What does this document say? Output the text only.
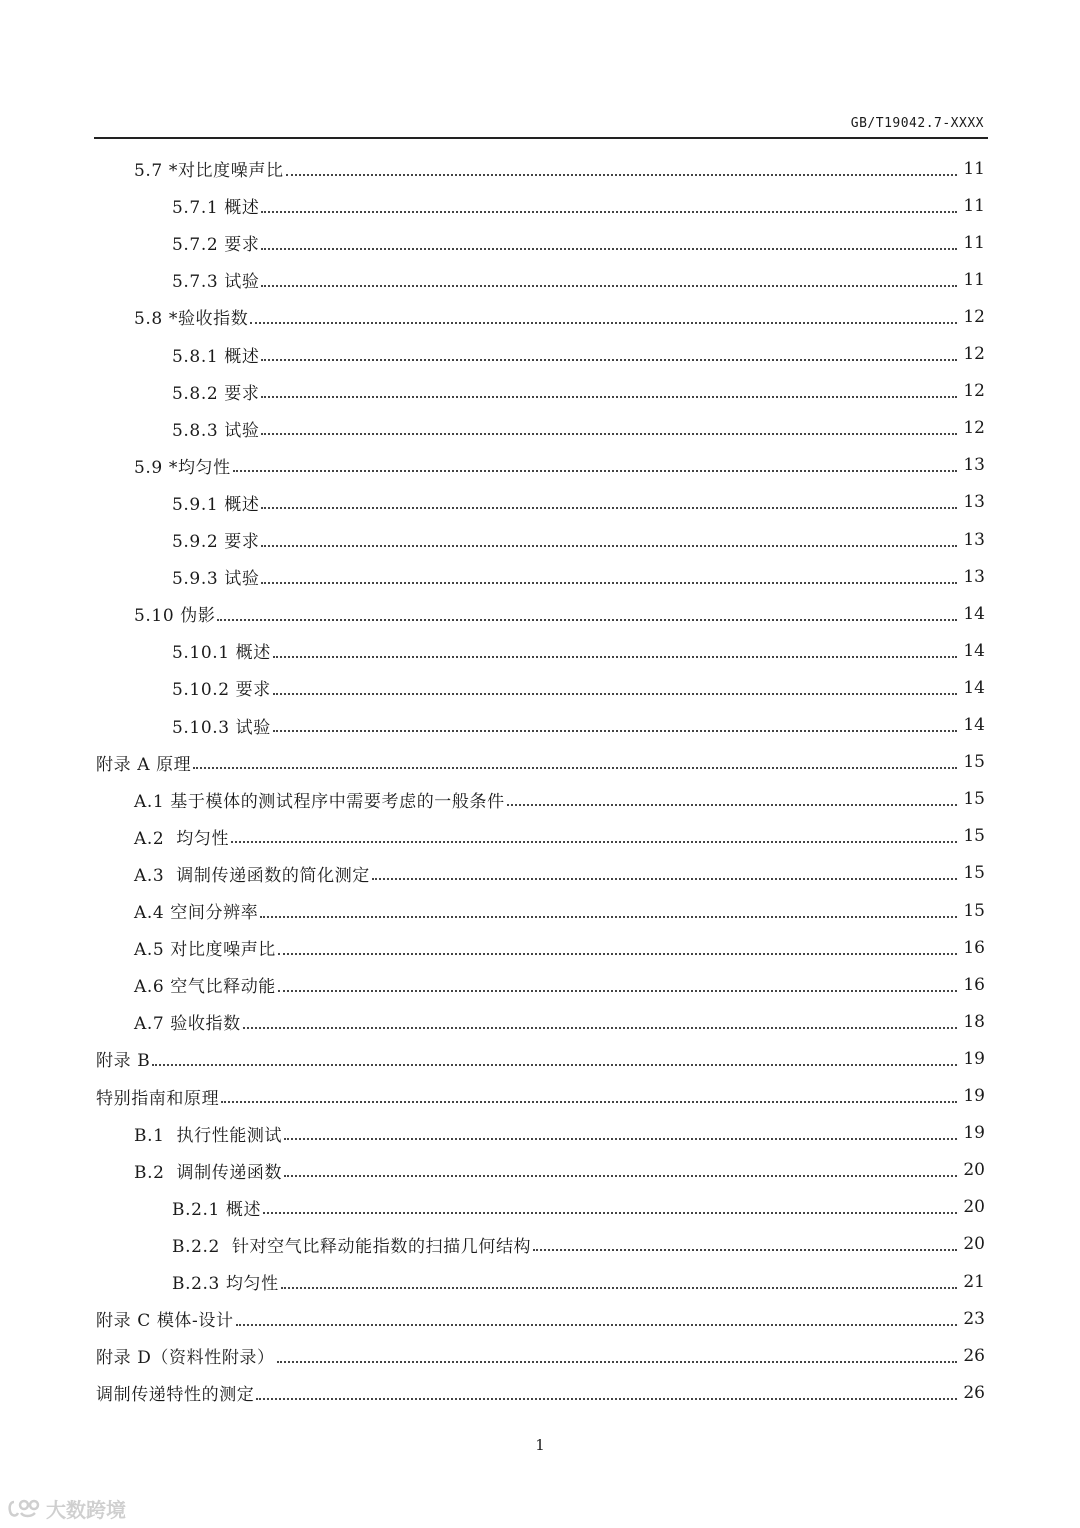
GB/T19042.7-XXXX
5.7 *对比度噪声比	11
5.7.1 概述	11
5.7.2 要求	11
5.7.3 试验	11
5.8 *验收指数	12
5.8.1 概述	12
5.8.2 要求	12
5.8.3 试验	12
5.9 *均匀性	13
5.9.1 概述	13
5.9.2 要求	13
5.9.3 试验	13
5.10 伪影	14
5.10.1 概述	14
5.10.2 要求	14
5.10.3 试验	14
附录 A 原理	15
A.1 基于模体的测试程序中需要考虑的一般条件	15
A.2  均匀性	15
A.3  调制传递函数的简化测定	15
A.4 空间分辨率	15
A.5 对比度噪声比	16
A.6 空气比释动能	16
A.7 验收指数	18
附录 B	19
特别指南和原理	19
B.1  执行性能测试	19
B.2  调制传递函数	20
B.2.1 概述	20
B.2.2  针对空气比释动能指数的扫描几何结构	20
B.2.3 均匀性	21
附录 C 模体-设计	23
附录 D（资料性附录）	26
调制传递特性的测定	26
1
大数跨境
